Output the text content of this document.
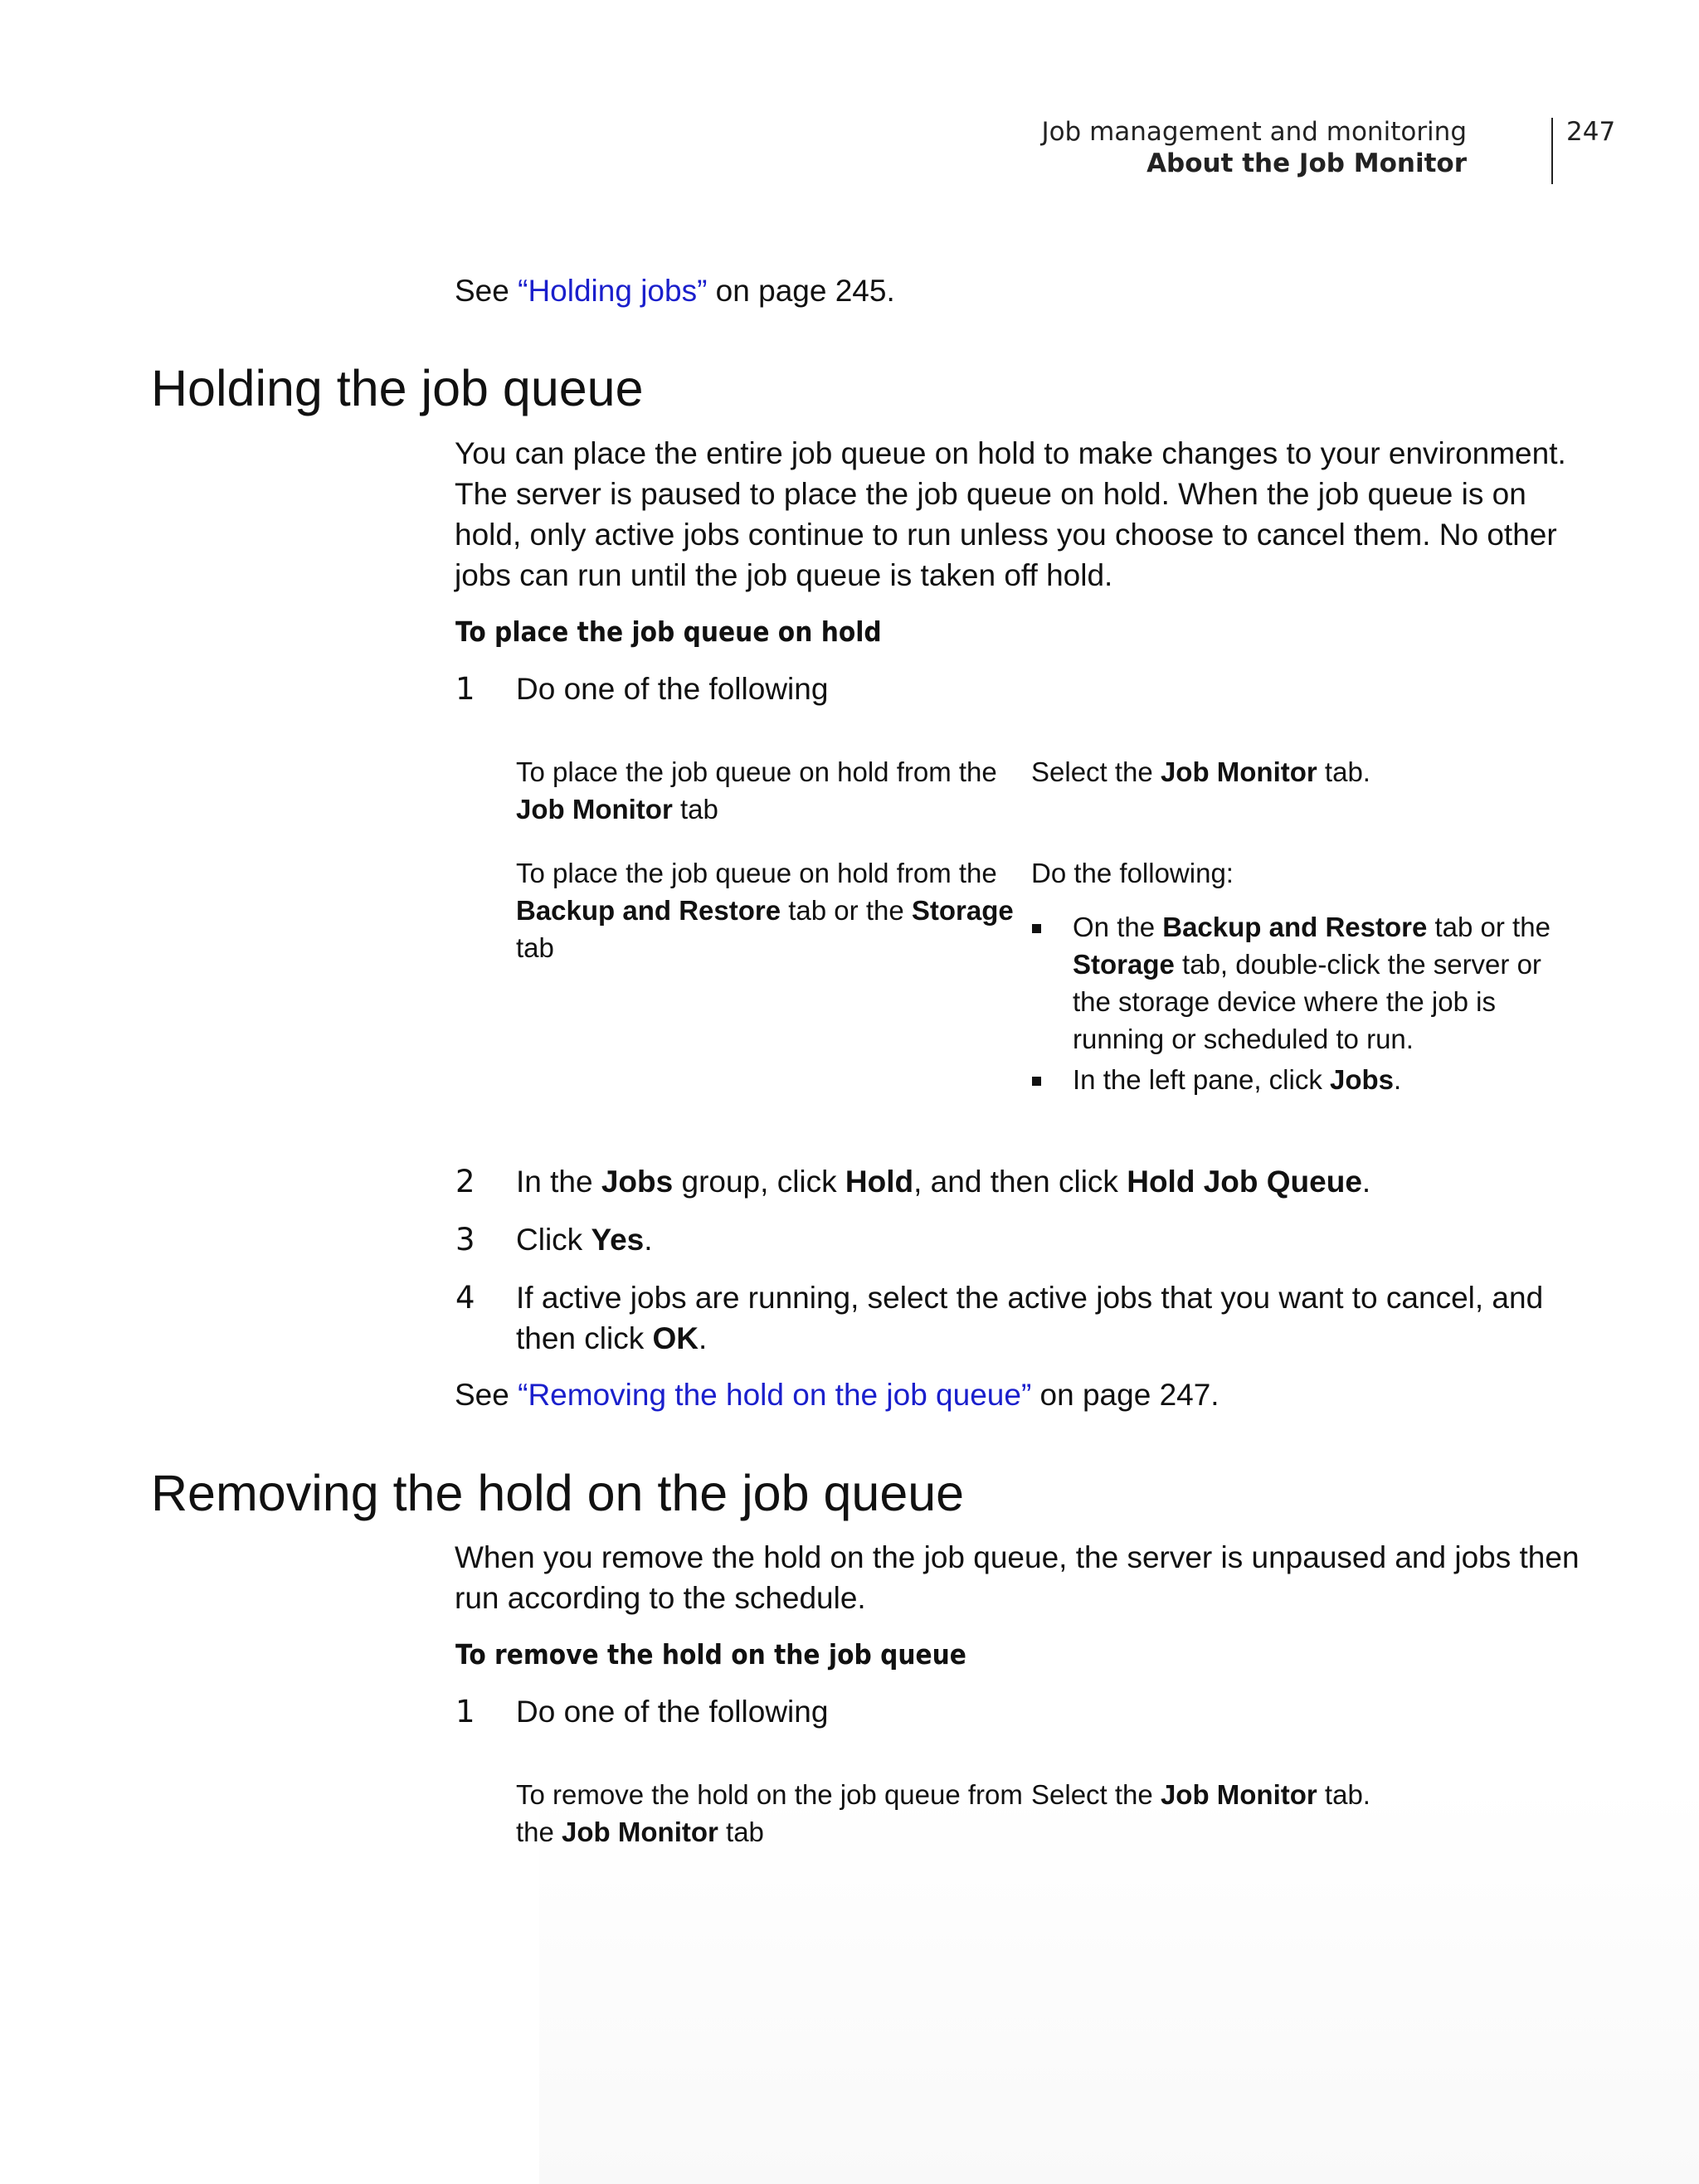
Job management and monitoring
About the Job Monitor
247
See “Holding jobs” on page 245.
Holding the job queue
You can place the entire job queue on hold to make changes to your environment.
The server is paused to place the job queue on hold. When the job queue is on
hold, only active jobs continue to run unless you choose to cancel them. No other
jobs can run until the job queue is taken off hold.
To place the job queue on hold
1 Do one of the following
To place the job queue on hold from the
Job Monitor tab
Select the Job Monitor tab.
To place the job queue on hold from the
Backup and Restore tab or the Storage
tab
Do the following:
On the Backup and Restore tab or the
Storage tab, double-click the server or
the storage device where the job is
running or scheduled to run.
In the left pane, click Jobs.
2 In the Jobs group, click Hold, and then click Hold Job Queue.
3 Click Yes.
4 If active jobs are running, select the active jobs that you want to cancel, and
then click OK.
See “Removing the hold on the job queue” on page 247.
Removing the hold on the job queue
When you remove the hold on the job queue, the server is unpaused and jobs then
run according to the schedule.
To remove the hold on the job queue
1 Do one of the following
To remove the hold on the job queue from
the Job Monitor tab
Select the Job Monitor tab.
